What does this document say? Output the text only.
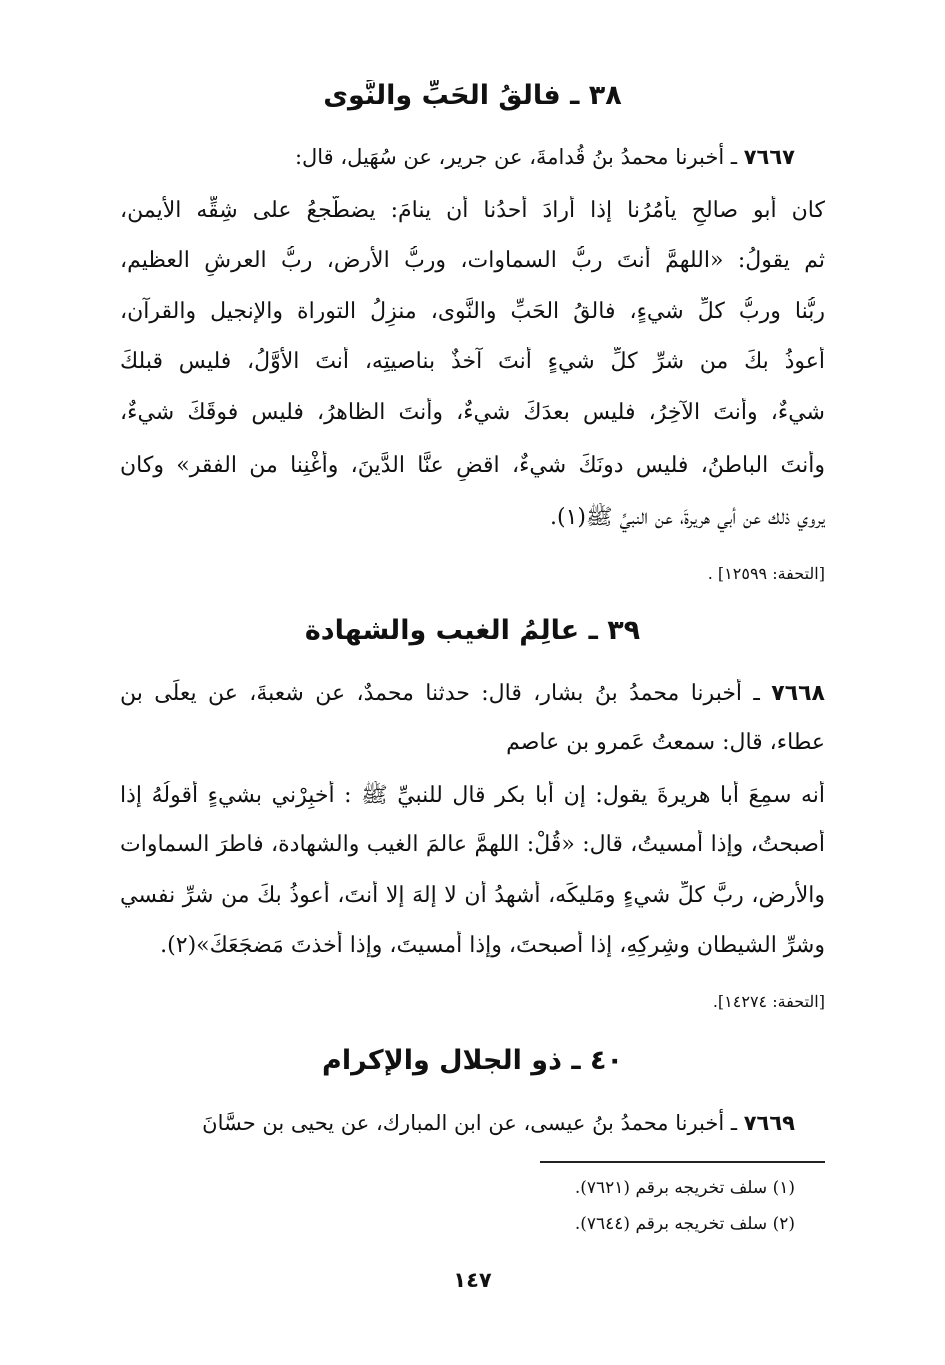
٣٨ ـ فالقُ الحَبِّ والنَّوى
٧٦٦٧ ـ أخبرنا محمدُ بنُ قُدامةَ، عن جرير، عن سُهَيل، قال:
كان أبو صالحٍ يأمُرُنا إذا أرادَ أحدُنا أن ينامَ: يضطَّجعُ على شِقِّه الأيمن،
ثم يقولُ: «اللهمَّ أنتَ ربُّ السماوات، وربُّ الأرض، ربُّ العرشِ العظيم،
ربُّنا وربُّ كلِّ شيءٍ، فالقُ الحَبِّ والنَّوى، منزِلُ التوراة والإنجيل والقرآن،
أعوذُ بكَ من شرِّ كلِّ شيءٍ أنتَ آخذٌ بناصيتِه، أنتَ الأوَّلُ، فليس قبلكَ
شيءٌ، وأنتَ الآخِرُ، فليس بعدَكَ شيءٌ، وأنتَ الظاهرُ، فليس فوقَكَ شيءٌ،
وأنتَ الباطنُ، فليس دونَكَ شيءٌ، اقضِ عنَّا الدَّينَ، وأغْنِنا من الفقر» وكان
يروي ذلك عن أبي هريرةَ، عن النبيِّ ﷺ(١).
[التحفة: ١٢٥٩٩] .
٣٩ ـ عالِمُ الغيب والشهادة
٧٦٦٨ ـ أخبرنا محمدُ بنُ بشار، قال: حدثنا محمدٌ، عن شعبةَ، عن يعلَى بن
عطاء، قال: سمعتُ عَمرو بن عاصم
أنه سمِعَ أبا هريرةَ يقول: إن أبا بكر قال للنبيِّ ﷺ : أخبِرْني بشيءٍ أقولُهُ إذا
أصبحتُ، وإذا أمسيتُ، قال: «قُلْ: اللهمَّ عالمَ الغيب والشهادة، فاطرَ السماوات
والأرض، ربَّ كلِّ شيءٍ ومَليكَه، أشهدُ أن لا إلهَ إلا أنتَ، أعوذُ بكَ من شرِّ نفسي
وشرِّ الشيطان وشِركِهِ، إذا أصبحتَ، وإذا أمسيتَ، وإذا أخذتَ مَضجَعَكَ»(٢).
[التحفة: ١٤٢٧٤].
٤٠ ـ ذو الجلال والإكرام
٧٦٦٩ ـ أخبرنا محمدُ بنُ عيسى، عن ابن المبارك، عن يحيى بن حسَّانَ
(١) سلف تخريجه برقم (٧٦٢١).
(٢) سلف تخريجه برقم (٧٦٤٤).
١٤٧
